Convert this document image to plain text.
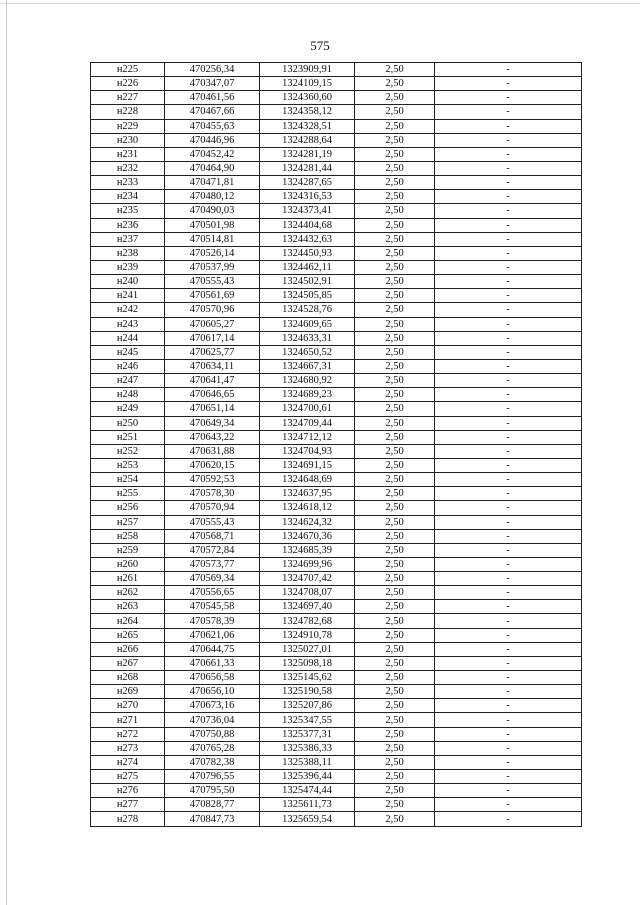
575
н225	470256,34	1323909,91	2,50	-
н226	470347,07	1324109,15	2,50	-
н227	470461,56	1324360,60	2,50	-
н228	470467,66	1324358,12	2,50	-
н229	470455,63	1324328,51	2,50	-
н230	470446,96	1324288,64	2,50	-
н231	470452,42	1324281,19	2,50	-
н232	470464,90	1324281,44	2,50	-
н233	470471,81	1324287,65	2,50	-
н234	470480,12	1324316,53	2,50	-
н235	470490,03	1324373,41	2,50	-
н236	470501,98	1324404,68	2,50	-
н237	470514,81	1324432,63	2,50	-
н238	470526,14	1324450,93	2,50	-
н239	470537,99	1324462,11	2,50	-
н240	470555,43	1324502,91	2,50	-
н241	470561,69	1324505,85	2,50	-
н242	470570,96	1324528,76	2,50	-
н243	470605,27	1324609,65	2,50	-
н244	470617,14	1324633,31	2,50	-
н245	470625,77	1324650,52	2,50	-
н246	470634,11	1324667,31	2,50	-
н247	470641,47	1324680,92	2,50	-
н248	470646,65	1324689,23	2,50	-
н249	470651,14	1324700,61	2,50	-
н250	470649,34	1324709,44	2,50	-
н251	470643,22	1324712,12	2,50	-
н252	470631,88	1324704,93	2,50	-
н253	470620,15	1324691,15	2,50	-
н254	470592,53	1324648,69	2,50	-
н255	470578,30	1324637,95	2,50	-
н256	470570,94	1324618,12	2,50	-
н257	470555,43	1324624,32	2,50	-
н258	470568,71	1324670,36	2,50	-
н259	470572,84	1324685,39	2,50	-
н260	470573,77	1324699,96	2,50	-
н261	470569,34	1324707,42	2,50	-
н262	470556,65	1324708,07	2,50	-
н263	470545,58	1324697,40	2,50	-
н264	470578,39	1324782,68	2,50	-
н265	470621,06	1324910,78	2,50	-
н266	470644,75	1325027,01	2,50	-
н267	470661,33	1325098,18	2,50	-
н268	470656,58	1325145,62	2,50	-
н269	470656,10	1325190,58	2,50	-
н270	470673,16	1325207,86	2,50	-
н271	470736,04	1325347,55	2,50	-
н272	470750,88	1325377,31	2,50	-
н273	470765,28	1325386,33	2,50	-
н274	470782,38	1325388,11	2,50	-
н275	470796,55	1325396,44	2,50	-
н276	470795,50	1325474,44	2,50	-
н277	470828,77	1325611,73	2,50	-
н278	470847,73	1325659,54	2,50	-
